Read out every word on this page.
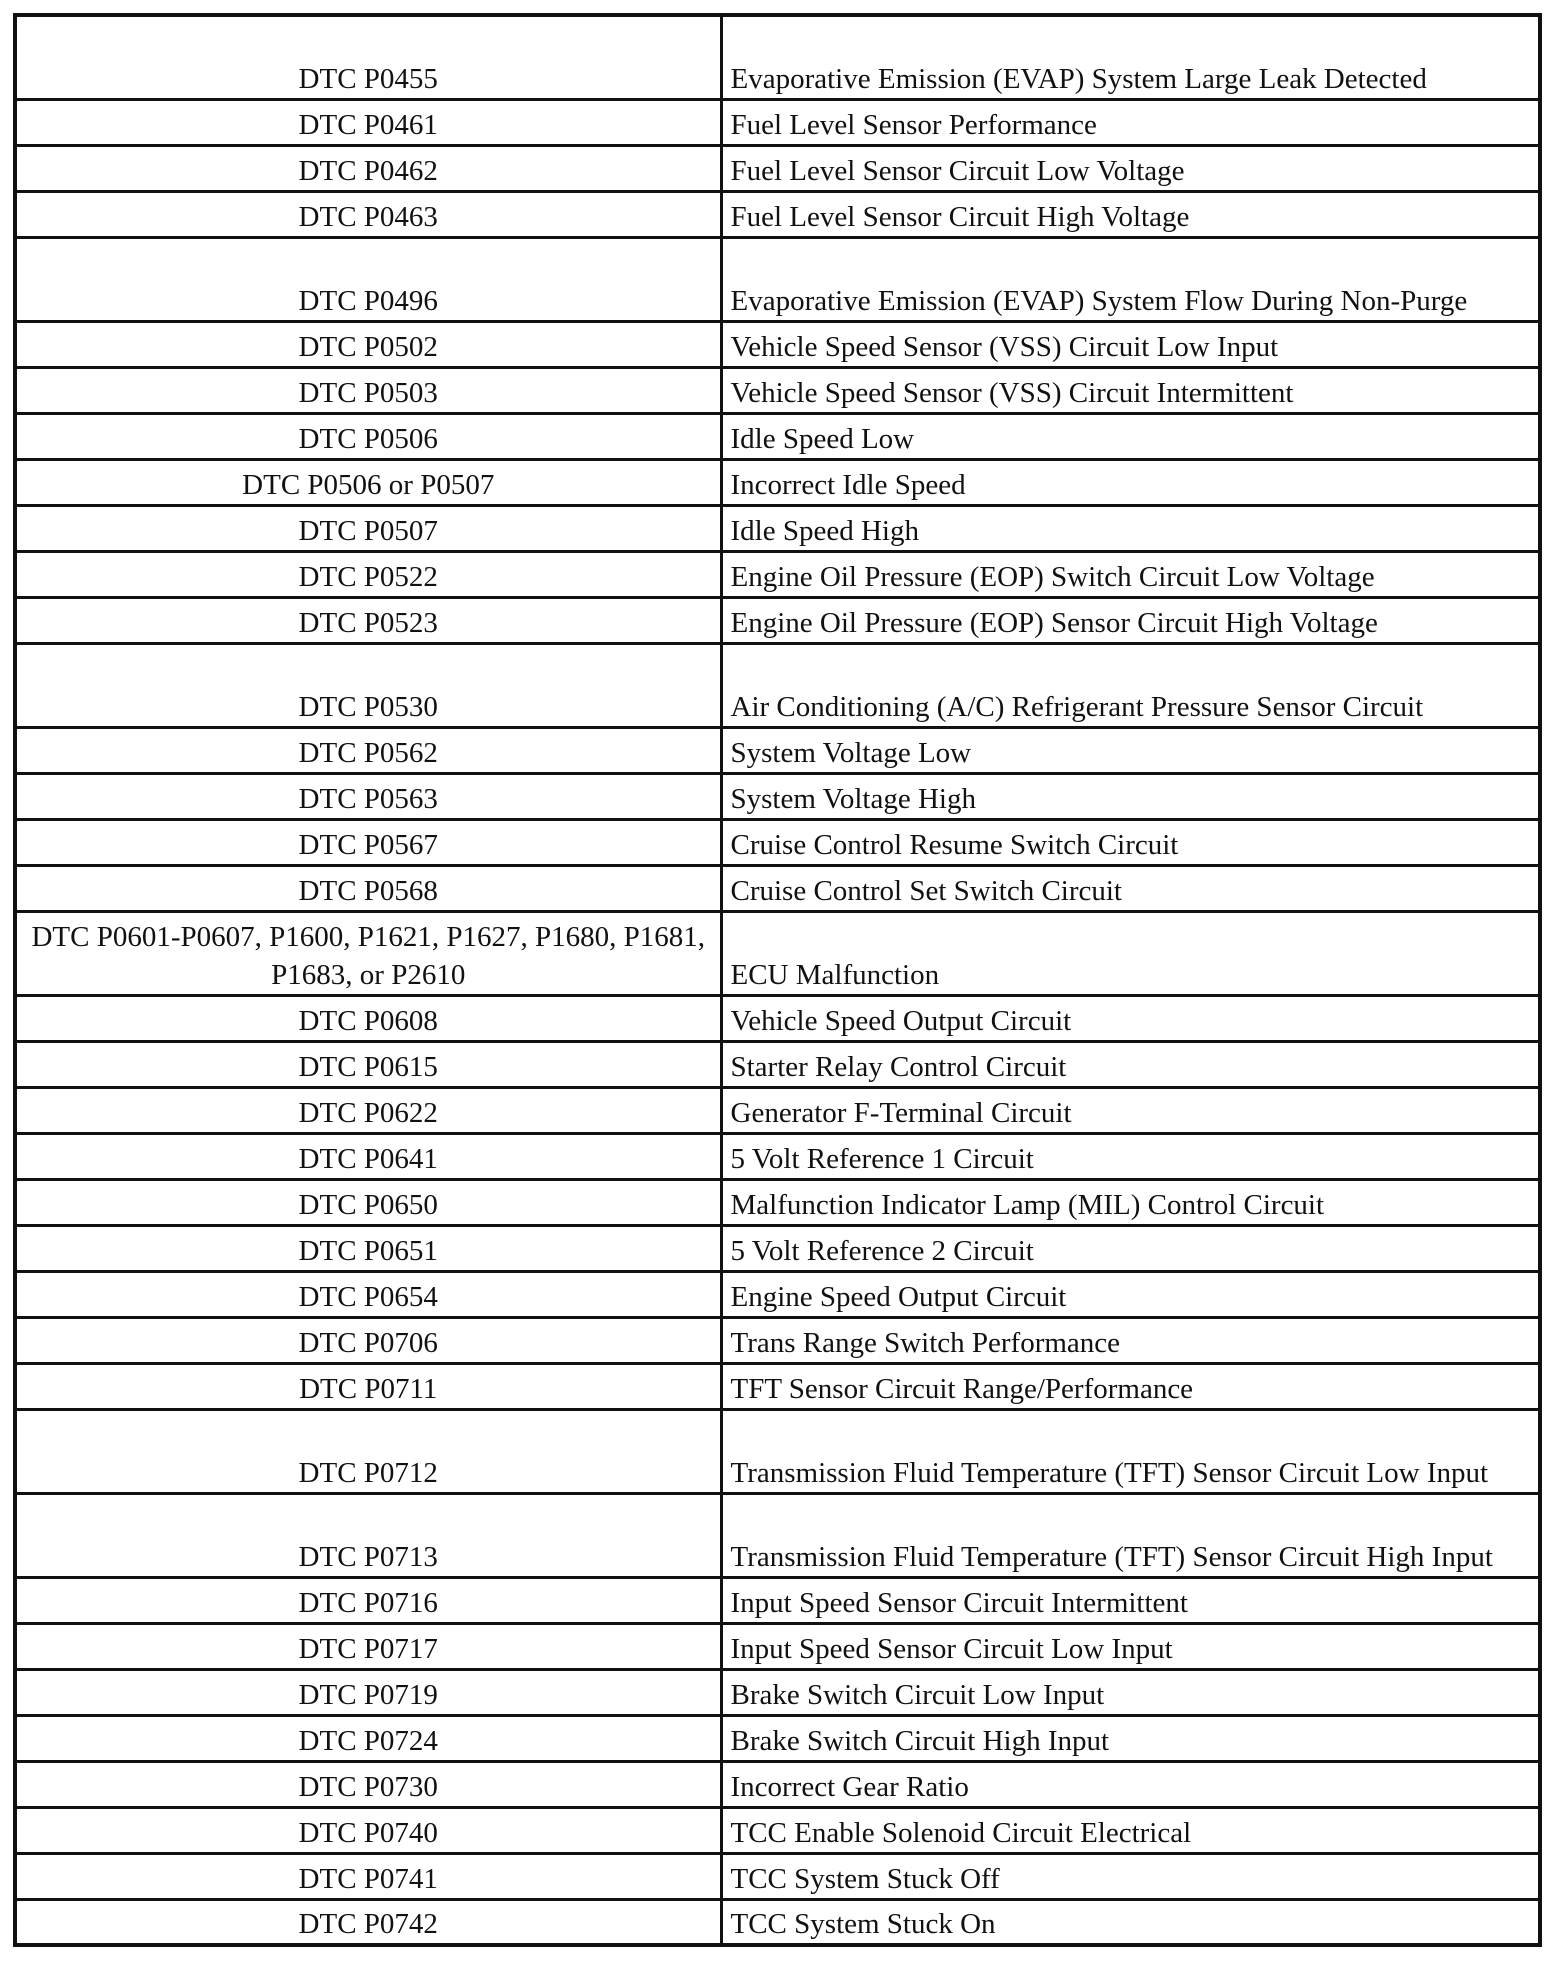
DTC P0455	Evaporative Emission (EVAP) System Large Leak Detected
DTC P0461	Fuel Level Sensor Performance
DTC P0462	Fuel Level Sensor Circuit Low Voltage
DTC P0463	Fuel Level Sensor Circuit High Voltage
DTC P0496	Evaporative Emission (EVAP) System Flow During Non-Purge
DTC P0502	Vehicle Speed Sensor (VSS) Circuit Low Input
DTC P0503	Vehicle Speed Sensor (VSS) Circuit Intermittent
DTC P0506	Idle Speed Low
DTC P0506 or P0507	Incorrect Idle Speed
DTC P0507	Idle Speed High
DTC P0522	Engine Oil Pressure (EOP) Switch Circuit Low Voltage
DTC P0523	Engine Oil Pressure (EOP) Sensor Circuit High Voltage
DTC P0530	Air Conditioning (A/C) Refrigerant Pressure Sensor Circuit
DTC P0562	System Voltage Low
DTC P0563	System Voltage High
DTC P0567	Cruise Control Resume Switch Circuit
DTC P0568	Cruise Control Set Switch Circuit
DTC P0601-P0607, P1600, P1621, P1627, P1680, P1681, P1683, or P2610	ECU Malfunction
DTC P0608	Vehicle Speed Output Circuit
DTC P0615	Starter Relay Control Circuit
DTC P0622	Generator F-Terminal Circuit
DTC P0641	5 Volt Reference 1 Circuit
DTC P0650	Malfunction Indicator Lamp (MIL) Control Circuit
DTC P0651	5 Volt Reference 2 Circuit
DTC P0654	Engine Speed Output Circuit
DTC P0706	Trans Range Switch Performance
DTC P0711	TFT Sensor Circuit Range/Performance
DTC P0712	Transmission Fluid Temperature (TFT) Sensor Circuit Low Input
DTC P0713	Transmission Fluid Temperature (TFT) Sensor Circuit High Input
DTC P0716	Input Speed Sensor Circuit Intermittent
DTC P0717	Input Speed Sensor Circuit Low Input
DTC P0719	Brake Switch Circuit Low Input
DTC P0724	Brake Switch Circuit High Input
DTC P0730	Incorrect Gear Ratio
DTC P0740	TCC Enable Solenoid Circuit Electrical
DTC P0741	TCC System Stuck Off
DTC P0742	TCC System Stuck On
